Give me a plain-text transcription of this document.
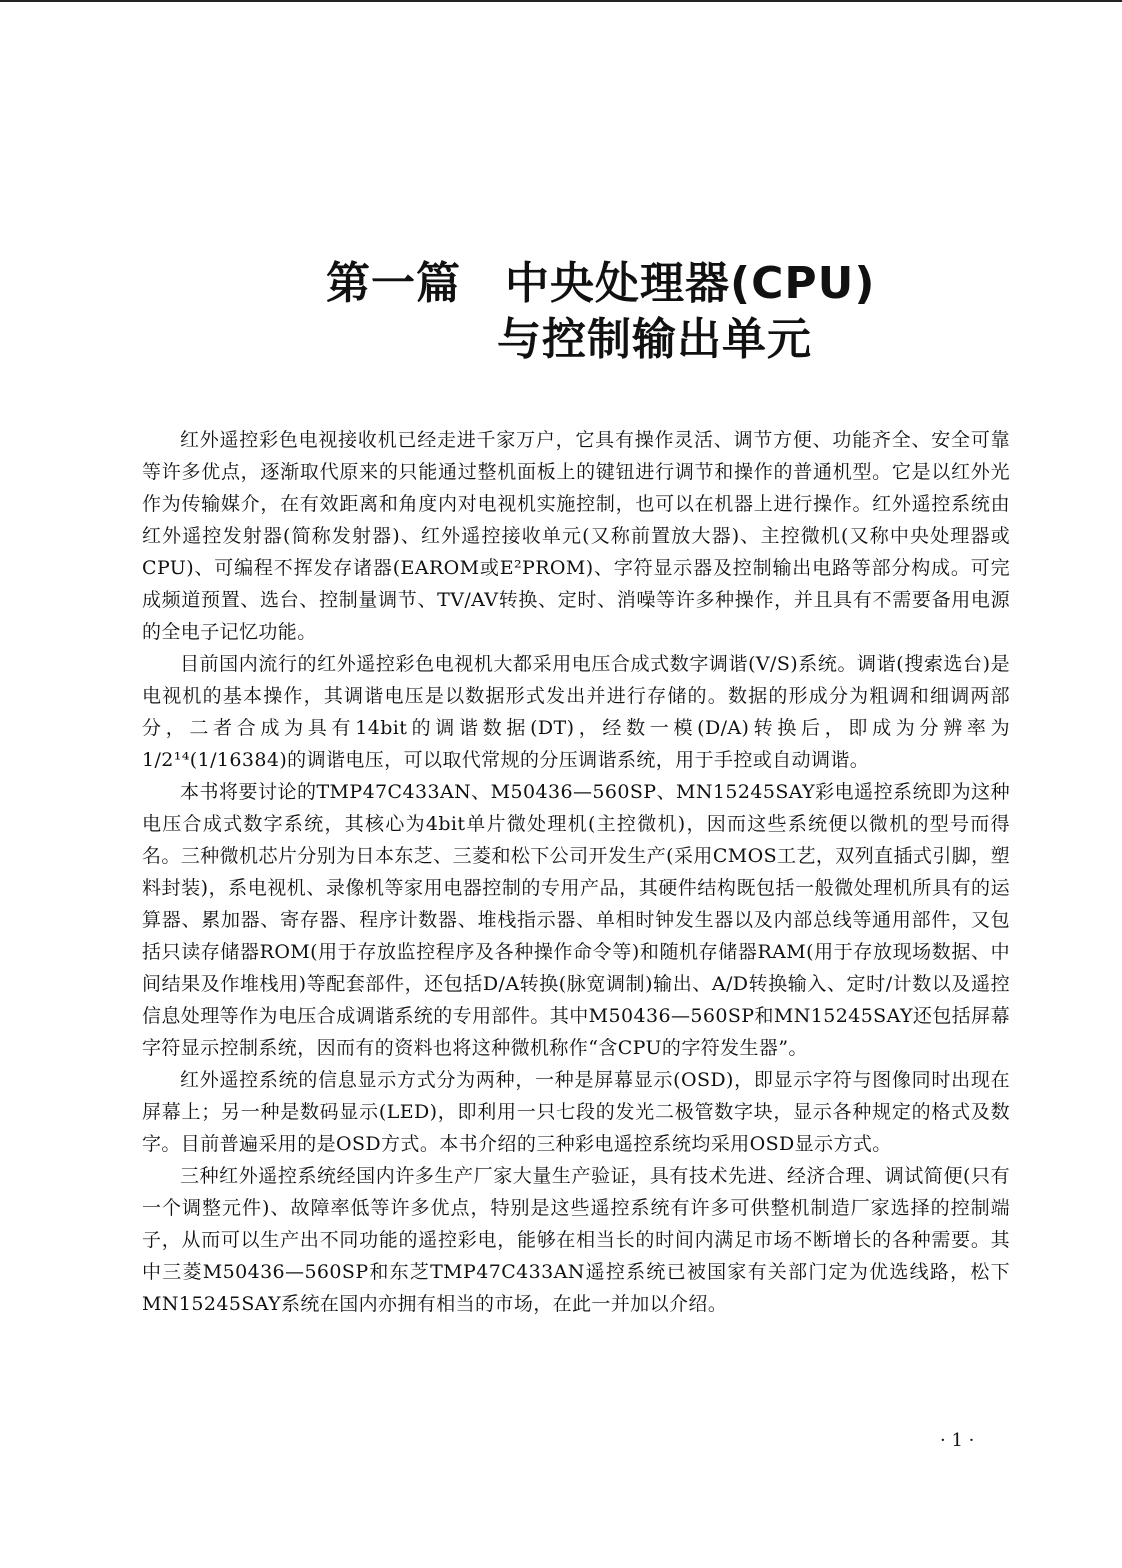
第一篇 中央处理器(CPU)
与控制输出单元

红外遥控彩色电视接收机已经走进千家万户，它具有操作灵活、调节方便、功能齐全、安全可靠等许多优点，逐渐取代原来的只能通过整机面板上的键钮进行调节和操作的普通机型。它是以红外光作为传输媒介，在有效距离和角度内对电视机实施控制，也可以在机器上进行操作。红外遥控系统由红外遥控发射器(简称发射器)、红外遥控接收单元(又称前置放大器)、主控微机(又称中央处理器或CPU)、可编程不挥发存诸器(EAROM或E²PROM)、字符显示器及控制输出电路等部分构成。可完成频道预置、选台、控制量调节、TV/AV转换、定时、消噪等许多种操作，并且具有不需要备用电源的全电子记忆功能。

目前国内流行的红外遥控彩色电视机大都采用电压合成式数字调谐(V/S)系统。调谐(搜索选台)是电视机的基本操作，其调谐电压是以数据形式发出并进行存储的。数据的形成分为粗调和细调两部分，二者合成为具有14bit的调谐数据(DT)，经数一模(D/A)转换后，即成为分辨率为1/2¹⁴(1/16384)的调谐电压，可以取代常规的分压调谐系统，用于手控或自动调谐。

本书将要讨论的TMP47C433AN、M50436—560SP、MN15245SAY彩电遥控系统即为这种电压合成式数字系统，其核心为4bit单片微处理机(主控微机)，因而这些系统便以微机的型号而得名。三种微机芯片分别为日本东芝、三菱和松下公司开发生产(采用CMOS工艺，双列直插式引脚，塑料封装)，系电视机、录像机等家用电器控制的专用产品，其硬件结构既包括一般微处理机所具有的运算器、累加器、寄存器、程序计数器、堆栈指示器、单相时钟发生器以及内部总线等通用部件，又包括只读存储器ROM(用于存放监控程序及各种操作命令等)和随机存储器RAM(用于存放现场数据、中间结果及作堆栈用)等配套部件，还包括D/A转换(脉宽调制)输出、A/D转换输入、定时/计数以及遥控信息处理等作为电压合成调谐系统的专用部件。其中M50436—560SP和MN15245SAY还包括屏幕字符显示控制系统，因而有的资料也将这种微机称作“含CPU的字符发生器”。

红外遥控系统的信息显示方式分为两种，一种是屏幕显示(OSD)，即显示字符与图像同时出现在屏幕上；另一种是数码显示(LED)，即利用一只七段的发光二极管数字块，显示各种规定的格式及数字。目前普遍采用的是OSD方式。本书介绍的三种彩电遥控系统均采用OSD显示方式。

三种红外遥控系统经国内许多生产厂家大量生产验证，具有技术先进、经济合理、调试简便(只有一个调整元件)、故障率低等许多优点，特别是这些遥控系统有许多可供整机制造厂家选择的控制端子，从而可以生产出不同功能的遥控彩电，能够在相当长的时间内满足市场不断增长的各种需要。其中三菱M50436—560SP和东芝TMP47C433AN遥控系统已被国家有关部门定为优选线路，松下MN15245SAY系统在国内亦拥有相当的市场，在此一并加以介绍。

· 1 ·
